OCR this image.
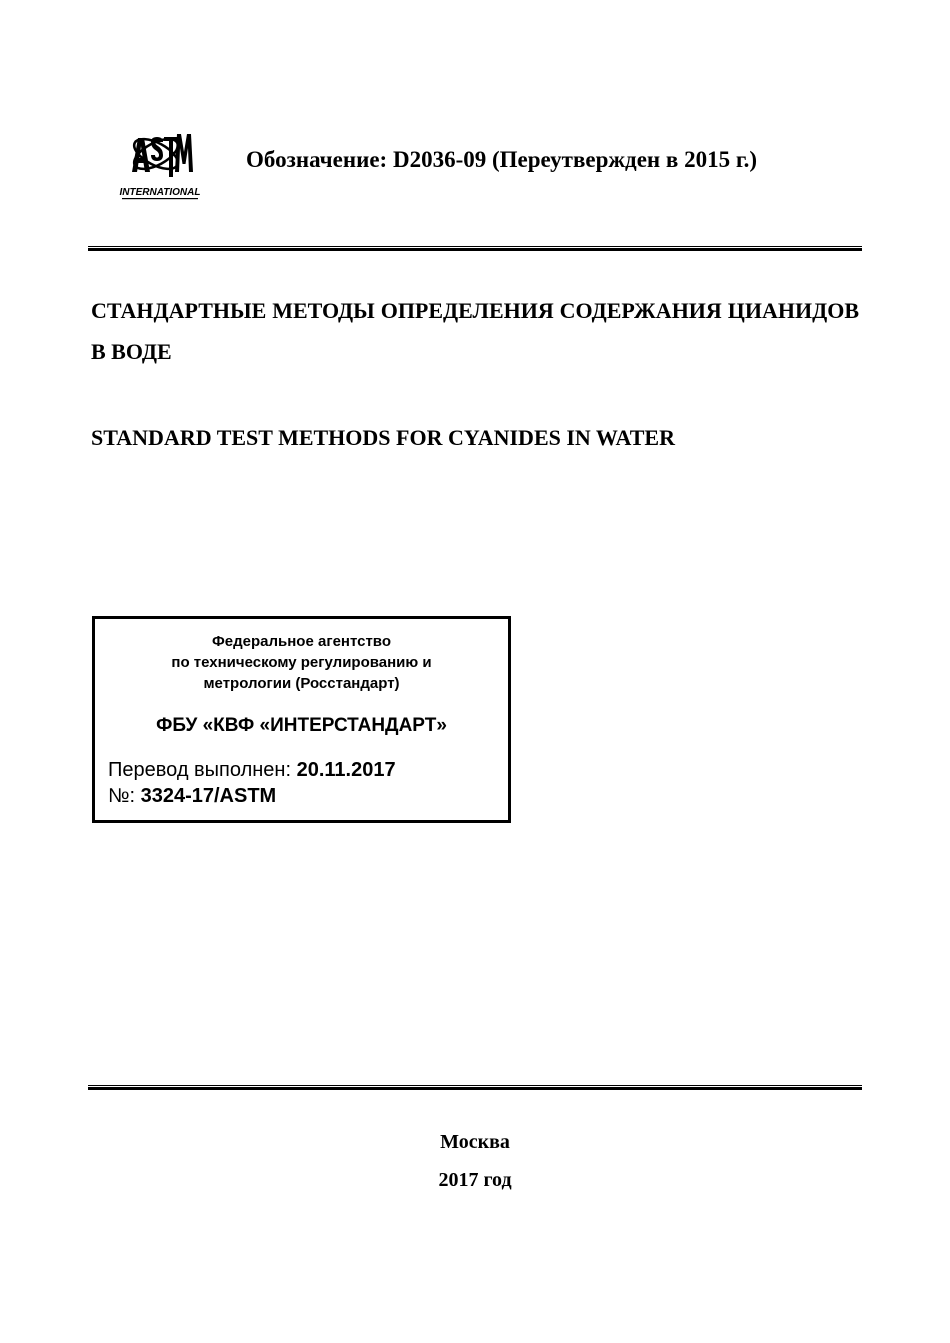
INTERNATIONAL
Обозначение: D2036-09 (Переутвержден в 2015 г.)
СТАНДАРТНЫЕ МЕТОДЫ ОПРЕДЕЛЕНИЯ СОДЕРЖАНИЯ ЦИАНИДОВ В ВОДЕ
STANDARD TEST METHODS FOR CYANIDES IN WATER
Федеральное агентство
по техническому регулированию и
метрологии (Росстандарт)
ФБУ «КВФ «ИНТЕРСТАНДАРТ»
Перевод выполнен: 20.11.2017
№: 3324-17/ASTM
Москва
2017 год
